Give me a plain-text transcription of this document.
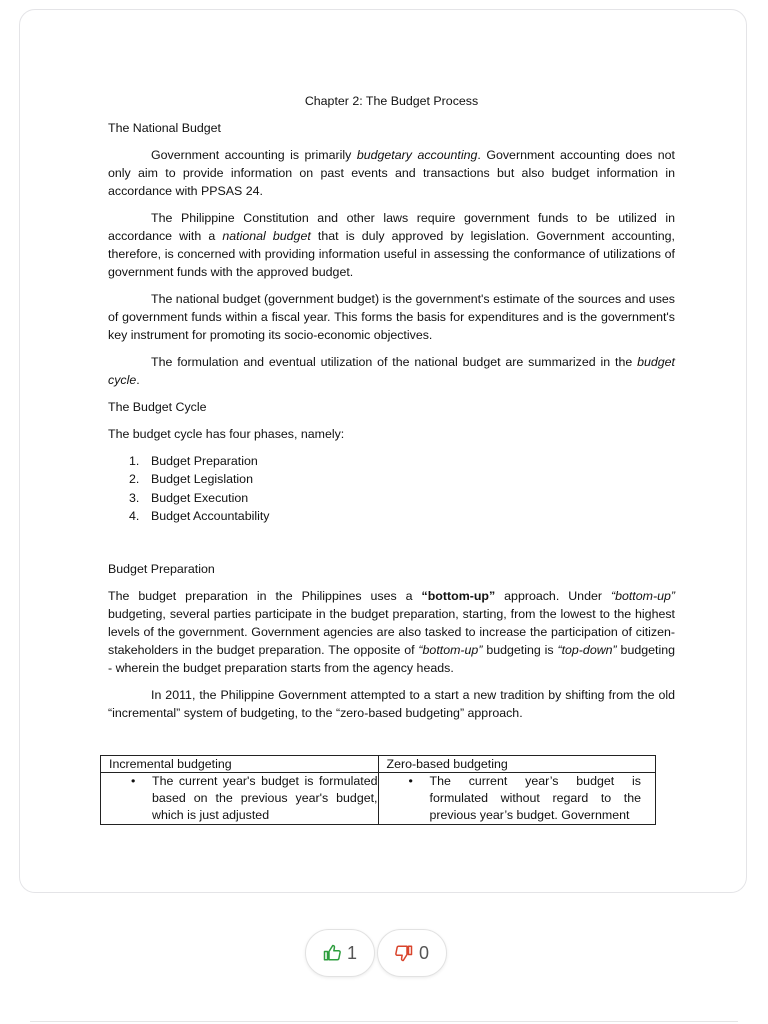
Chapter 2: The Budget Process

The National Budget

Government accounting is primarily budgetary accounting. Government accounting does not only aim to provide information on past events and transactions but also budget information in accordance with PPSAS 24.

The Philippine Constitution and other laws require government funds to be utilized in accordance with a national budget that is duly approved by legislation. Government accounting, therefore, is concerned with providing information useful in assessing the conformance of utilizations of government funds with the approved budget.

The national budget (government budget) is the government's estimate of the sources and uses of government funds within a fiscal year. This forms the basis for expenditures and is the government's key instrument for promoting its socio-economic objectives.

The formulation and eventual utilization of the national budget are summarized in the budget cycle.

The Budget Cycle

The budget cycle has four phases, namely:

1. Budget Preparation
2. Budget Legislation
3. Budget Execution
4. Budget Accountability

Budget Preparation

The budget preparation in the Philippines uses a “bottom-up” approach. Under “bottom-up” budgeting, several parties participate in the budget preparation, starting, from the lowest to the highest levels of the government. Government agencies are also tasked to increase the participation of citizen-stakeholders in the budget preparation. The opposite of “bottom-up” budgeting is “top-down” budgeting - wherein the budget preparation starts from the agency heads.

In 2011, the Philippine Government attempted to a start a new tradition by shifting from the old “incremental” system of budgeting, to the “zero-based budgeting” approach.

Incremental budgeting	Zero-based budgeting

• The current year's budget is formulated based on the previous year's budget, which is just adjusted	• The current year’s budget is formulated without regard to the previous year’s budget. Government
1	0
